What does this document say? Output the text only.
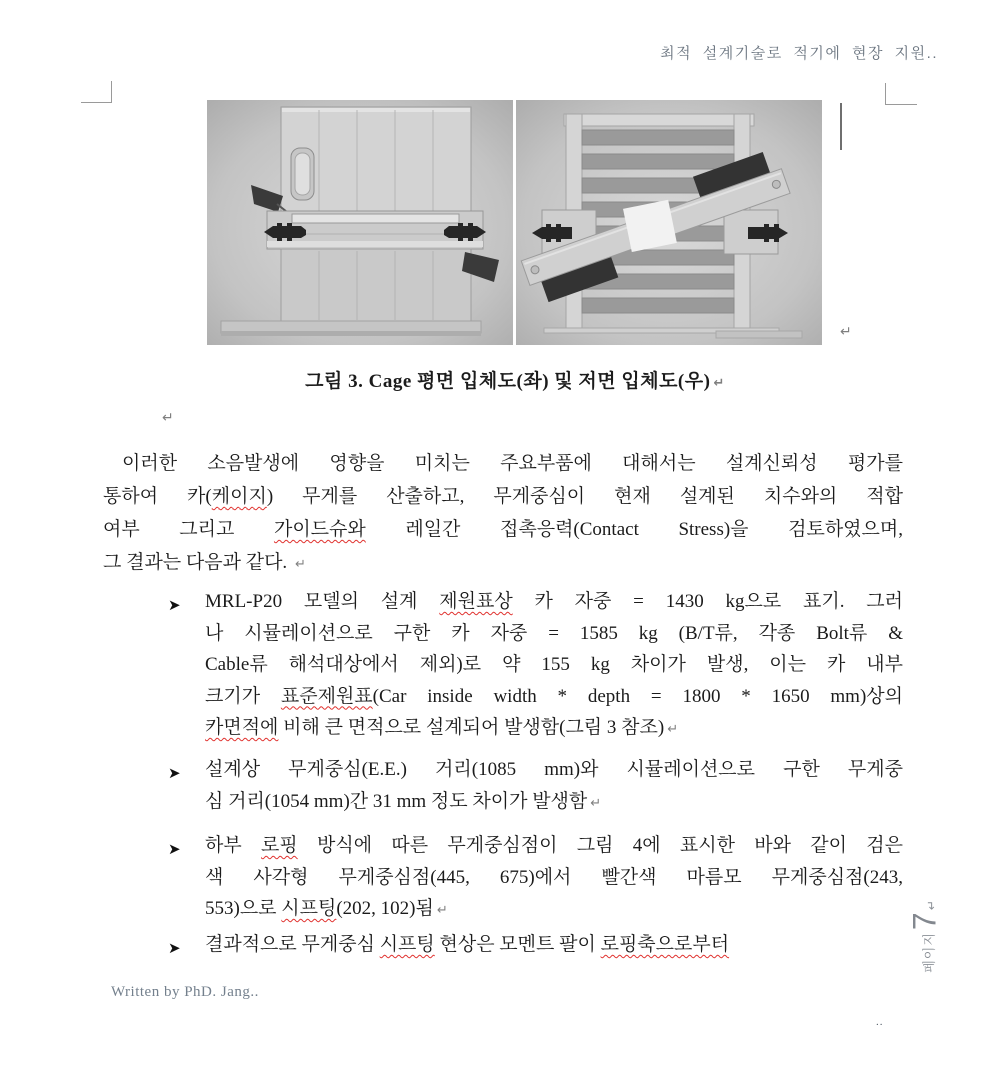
최적 설계기술로 적기에 현장 지원..
↵
그림 3. Cage 평면 입체도(좌) 및 저면 입체도(우) ↵
↵
이러한 소음발생에 영향을 미치는 주요부품에 대해서는 설계신뢰성 평가를
통하여 카(케이지) 무게를 산출하고, 무게중심이 현재 설계된 치수와의 적합
여부 그리고 가이드슈와 레일간 접촉응력(Contact Stress)을 검토하였으며,
그 결과는 다음과 같다. ↵
➤ MRL-P20 모델의 설계 제원표상 카 자중 = 1430 kg으로 표기. 그러
나 시뮬레이션으로 구한 카 자중 = 1585 kg (B/T류, 각종 Bolt류 &
Cable류 해석대상에서 제외)로 약 155 kg 차이가 발생, 이는 카 내부
크기가 표준제원표(Car inside width * depth = 1800 * 1650 mm)상의
카면적에 비해 큰 면적으로 설계되어 발생함(그림 3 참조) ↵
➤ 설계상 무게중심(E.E.) 거리(1085 mm)와 시뮬레이션으로 구한 무게중
심 거리(1054 mm)간 31 mm 정도 차이가 발생함 ↵
➤ 하부 로핑 방식에 따른 무게중심점이 그림 4에 표시한 바와 같이 검은
색 사각형 무게중심점(445, 675)에서 빨간색 마름모 무게중심점(243,
553)으로 시프팅(202, 102)됨 ↵
➤ 결과적으로 무게중심 시프팅 현상은 모멘트 팔이 로핑축으로부터	페이지7↵
Written by PhD. Jang..
..
